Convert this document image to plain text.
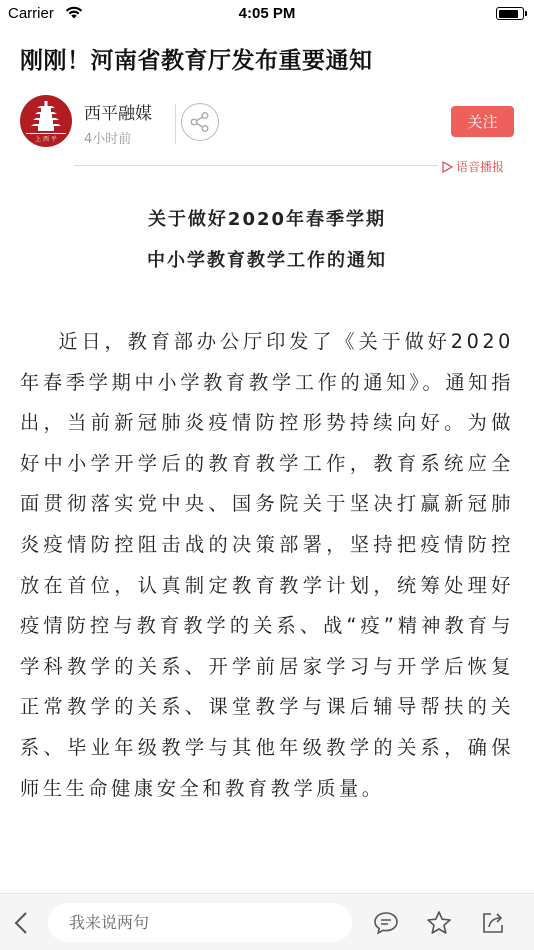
Carrier	4:05 PM
刚刚！河南省教育厅发布重要通知
上 西 平
西平融媒
4小时前
关注
语音播报
关于做好2020年春季学期
中小学教育教学工作的通知

近日，教育部办公厅印发了《关于做好2020年春季学期中小学教育教学工作的通知》。通知指出，当前新冠肺炎疫情防控形势持续向好。为做好中小学开学后的教育教学工作，教育系统应全面贯彻落实党中央、国务院关于坚决打赢新冠肺炎疫情防控阻击战的决策部署，坚持把疫情防控放在首位，认真制定教育教学计划，统筹处理好疫情防控与教育教学的关系、战“疫”精神教育与学科教学的关系、开学前居家学习与开学后恢复正常教学的关系、课堂教学与课后辅导帮扶的关系、毕业年级教学与其他年级教学的关系，确保师生生命健康安全和教育教学质量。

我来说两句
